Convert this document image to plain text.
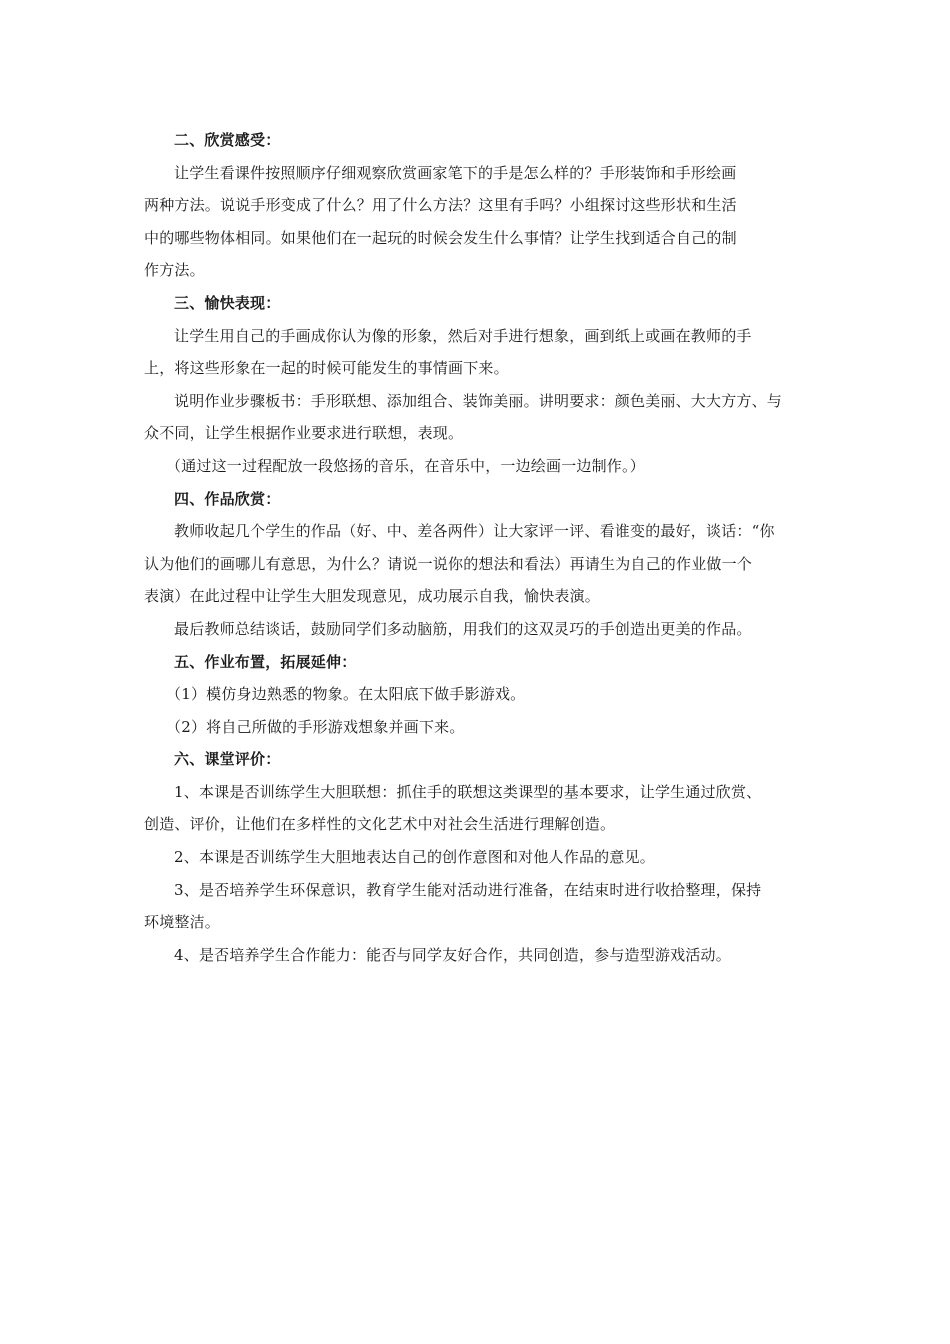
二、欣赏感受：
让学生看课件按照顺序仔细观察欣赏画家笔下的手是怎么样的？手形装饰和手形绘画
两种方法。说说手形变成了什么？用了什么方法？这里有手吗？小组探讨这些形状和生活
中的哪些物体相同。如果他们在一起玩的时候会发生什么事情？让学生找到适合自己的制
作方法。
三、愉快表现：
让学生用自己的手画成你认为像的形象，然后对手进行想象，画到纸上或画在教师的手
上，将这些形象在一起的时候可能发生的事情画下来。
说明作业步骤板书：手形联想、添加组合、装饰美丽。讲明要求：颜色美丽、大大方方、与
众不同，让学生根据作业要求进行联想，表现。
（通过这一过程配放一段悠扬的音乐，在音乐中，一边绘画一边制作。）
四、作品欣赏：
教师收起几个学生的作品（好、中、差各两件）让大家评一评、看谁变的最好，谈话：“你
认为他们的画哪儿有意思，为什么？请说一说你的想法和看法）再请生为自己的作业做一个
表演）在此过程中让学生大胆发现意见，成功展示自我，愉快表演。
最后教师总结谈话，鼓励同学们多动脑筋，用我们的这双灵巧的手创造出更美的作品。
五、作业布置，拓展延伸：
（1）模仿身边熟悉的物象。在太阳底下做手影游戏。
（2）将自己所做的手形游戏想象并画下来。
六、课堂评价：
1、本课是否训练学生大胆联想：抓住手的联想这类课型的基本要求，让学生通过欣赏、
创造、评价，让他们在多样性的文化艺术中对社会生活进行理解创造。
2、本课是否训练学生大胆地表达自己的创作意图和对他人作品的意见。
3、是否培养学生环保意识，教育学生能对活动进行准备，在结束时进行收拾整理，保持
环境整洁。
4、是否培养学生合作能力：能否与同学友好合作，共同创造，参与造型游戏活动。
